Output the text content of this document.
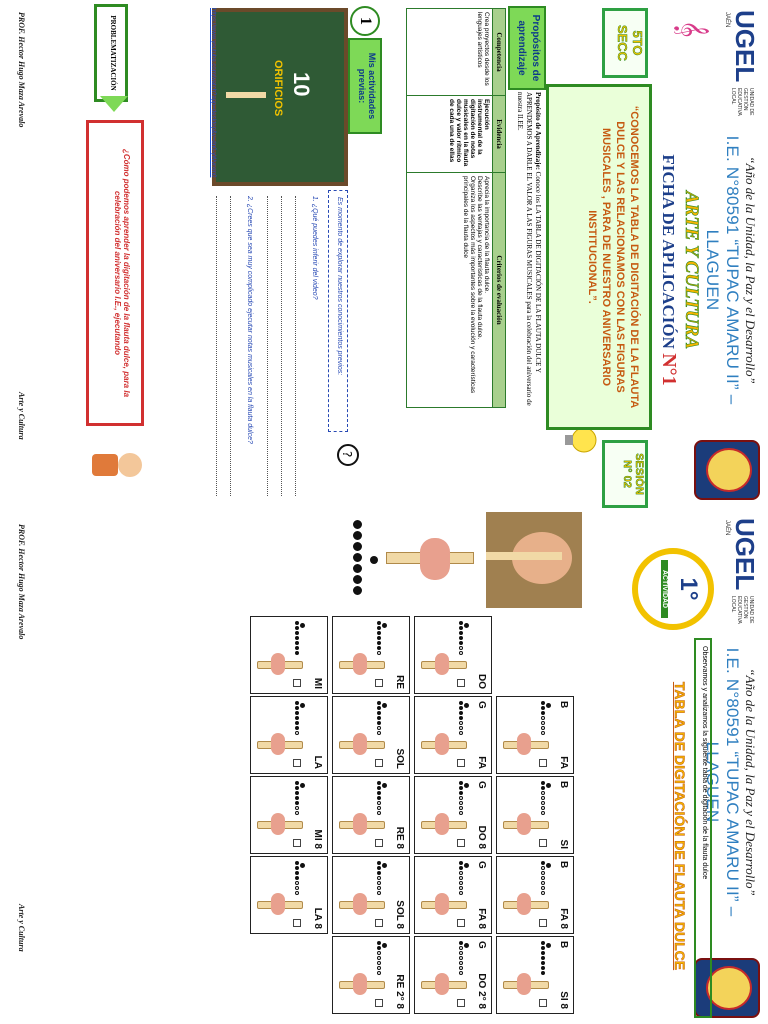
UGEL
UNIDAD DE GESTIÓN
EDUCATIVA
LOCAL
JAÉN
𝄞
“Año de la Unidad, la Paz y el Desarrollo”
I.E. N°80591 “TUPAC AMARU II” – LLAGUEN
ARTE Y CULTURA
FICHA DE APLICACIÓN N°1
5TO
SECC
SESIÓN
N° 02
“CONOCEMOS LA TABLA DE DIGITACIÓN DE LA FLAUTA DULCE Y LAS RELACIONAMOS CON LAS FIGURAS MUSICALES , PARA DE NUESTRO ANIVERSARIO INSTITUCIONAL”.
Propósitos de
aprendizaje
Propósito de Aprendizaje: Conoce los LA TABLA DE DIGITACIÓN DE LA FLAUTA DULCE Y APRENDEMOS A DARLE EL VALOR A LAS FIGURAS MUSICALES para la celebración del aniversario de nuestra II.EE.
Competencia	Evidencia	Criterios de evaluación
Crea proyectos desde los lenguajes artísticos	Ejecución instrumental de la digitación de notas musicales en la flauta dulce y valor rítmico de cada una de ellas	Aprecia la importancia de la flauta dulce.
Describe las ventajas y características de la flauta dulce.
Organiza los aspectos más importantes sobre la evolución y características principales de la flauta dulce
1
Mis actividades previas:
10
ORIFICIOS
https://www.youtube.com/watch?app=desktop&v=dn0-yWvrxm0
Es momento de explorar nuestros conocimientos previos:
?
1. ¿Qué puedes inferir del video?
2. ¿Crees que sea muy complicado ejecutar notas musicales en la flauta dulce?
PROBLEMATIZACIÓN
¿Cómo podemos aprender la digitación de la flauta dulce, para la celebración del aniversario I.E., ejecutando
PROF. Hector Hugo Maza Arevalo
Arte y Cultura
UGEL
UNIDAD DE GESTIÓN
EDUCATIVA
LOCAL
JAÉN
1°
ACTIVIDAD
“Año de la Unidad, la Paz y el Desarrollo”
I.E. N°80591 “TUPAC AMARU II” – LLAGUEN
Observamos y analizamos la siguiente tabla de digitación de la flauta dulce
TABLA DE DIGITACIÓN DE FLAUTA DULCE
MI	RE	DO
LA	SOL	FA
G
FA
B
MI 8	RE 8	DO 8
G
SI
B
LA 8	SOL 8	FA 8
G
FA 8
B
RE 2° 8	DO 2° 8
G
SI 8
B
PROF. Hector Hugo Maza Arevalo
Arte y Cultura
